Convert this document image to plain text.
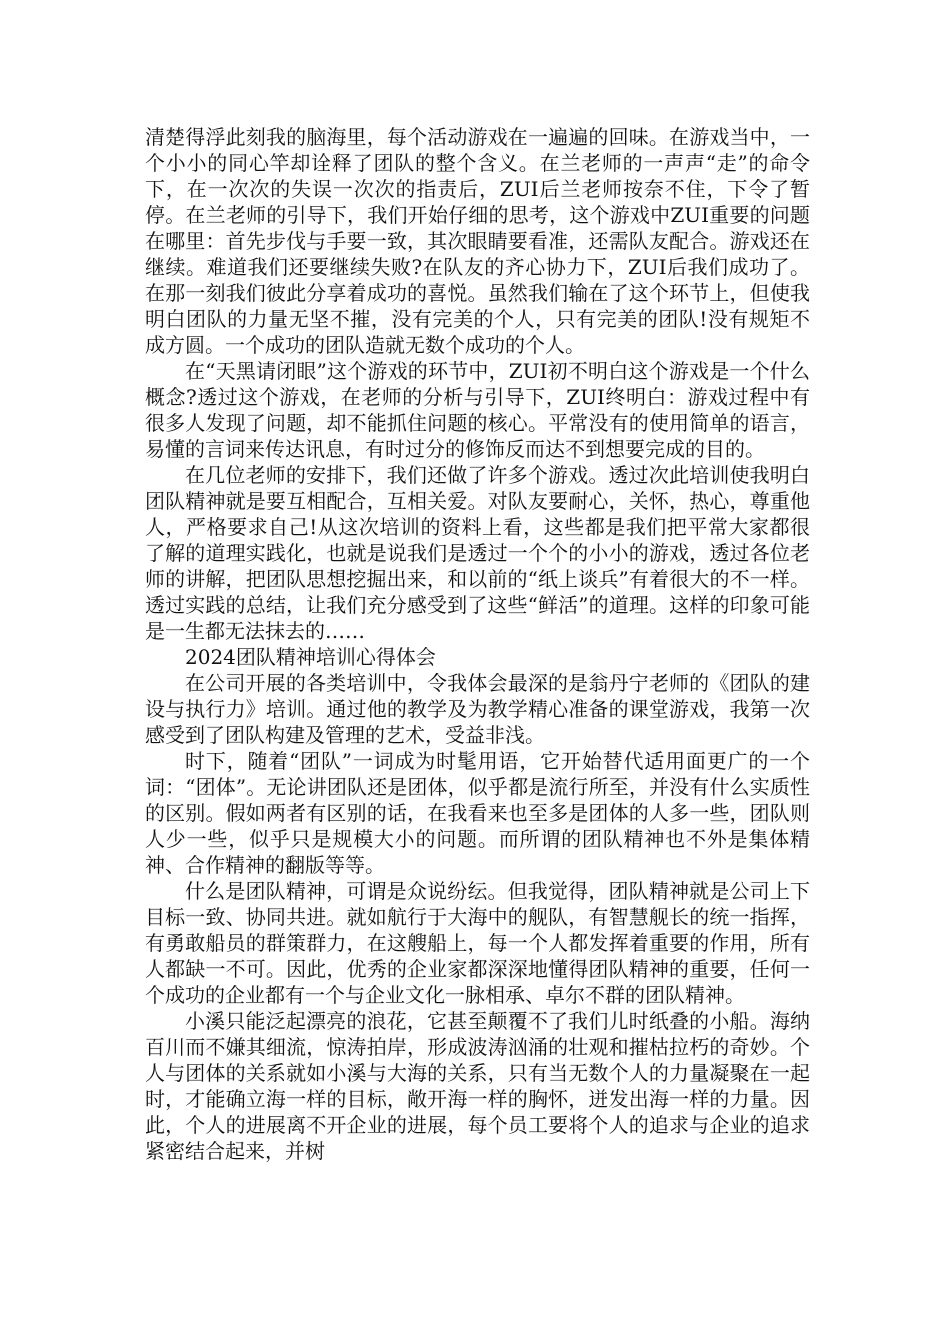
清楚得浮此刻我的脑海里，每个活动游戏在一遍遍的回味。在游戏当中，一个小小的同心竿却诠释了团队的整个含义。在兰老师的一声声“走”的命令下，在一次次的失误一次次的指责后，ZUI后兰老师按奈不住，下令了暂停。在兰老师的引导下，我们开始仔细的思考，这个游戏中ZUI重要的问题在哪里：首先步伐与手要一致，其次眼睛要看准，还需队友配合。游戏还在继续。难道我们还要继续失败?在队友的齐心协力下，ZUI后我们成功了。在那一刻我们彼此分享着成功的喜悦。虽然我们输在了这个环节上，但使我明白团队的力量无坚不摧，没有完美的个人，只有完美的团队!没有规矩不成方圆。一个成功的团队造就无数个成功的个人。

在“天黑请闭眼”这个游戏的环节中，ZUI初不明白这个游戏是一个什么概念?透过这个游戏，在老师的分析与引导下，ZUI终明白：游戏过程中有很多人发现了问题，却不能抓住问题的核心。平常没有的使用简单的语言，易懂的言词来传达讯息，有时过分的修饰反而达不到想要完成的目的。

在几位老师的安排下，我们还做了许多个游戏。透过次此培训使我明白团队精神就是要互相配合，互相关爱。对队友要耐心，关怀，热心，尊重他人，严格要求自己!从这次培训的资料上看，这些都是我们把平常大家都很了解的道理实践化，也就是说我们是透过一个个的小小的游戏，透过各位老师的讲解，把团队思想挖掘出来，和以前的“纸上谈兵”有着很大的不一样。透过实践的总结，让我们充分感受到了这些“鲜活”的道理。这样的印象可能是一生都无法抹去的……

2024团队精神培训心得体会

在公司开展的各类培训中，令我体会最深的是翁丹宁老师的《团队的建设与执行力》培训。通过他的教学及为教学精心准备的课堂游戏，我第一次感受到了团队构建及管理的艺术，受益非浅。

时下，随着“团队”一词成为时髦用语，它开始替代适用面更广的一个词：“团体”。无论讲团队还是团体，似乎都是流行所至，并没有什么实质性的区别。假如两者有区别的话，在我看来也至多是团体的人多一些，团队则人少一些，似乎只是规模大小的问题。而所谓的团队精神也不外是集体精神、合作精神的翻版等等。

什么是团队精神，可谓是众说纷纭。但我觉得，团队精神就是公司上下目标一致、协同共进。就如航行于大海中的舰队，有智慧舰长的统一指挥，有勇敢船员的群策群力，在这艘船上，每一个人都发挥着重要的作用，所有人都缺一不可。因此，优秀的企业家都深深地懂得团队精神的重要，任何一个成功的企业都有一个与企业文化一脉相承、卓尔不群的团队精神。

小溪只能泛起漂亮的浪花，它甚至颠覆不了我们儿时纸叠的小船。海纳百川而不嫌其细流，惊涛拍岸，形成波涛汹涌的壮观和摧枯拉朽的奇妙。个人与团体的关系就如小溪与大海的关系，只有当无数个人的力量凝聚在一起时，才能确立海一样的目标，敞开海一样的胸怀，迸发出海一样的力量。因此，个人的进展离不开企业的进展，每个员工要将个人的追求与企业的追求紧密结合起来，并树
